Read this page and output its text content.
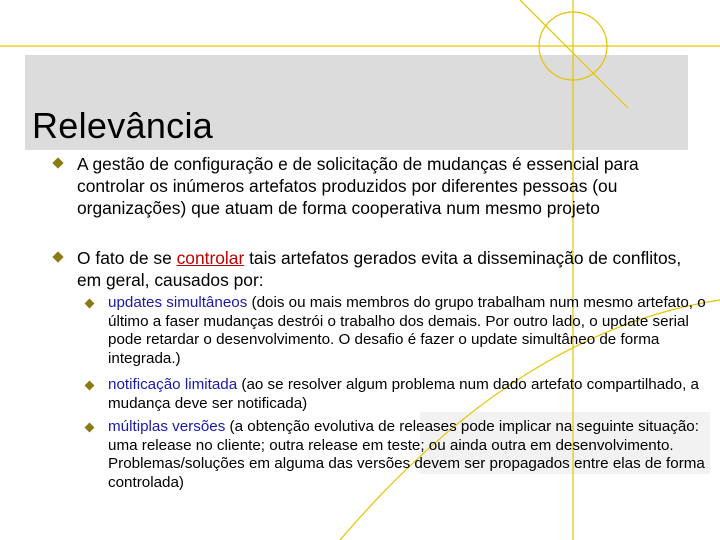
Relevância
A gestão de configuração e de solicitação de mudanças é essencial para controlar os inúmeros artefatos produzidos por diferentes pessoas (ou organizações) que atuam de forma cooperativa num mesmo projeto
O fato de se controlar tais artefatos gerados evita a disseminação de conflitos, em geral, causados por:
updates simultâneos (dois ou mais membros do grupo trabalham num mesmo artefato, o último a faser mudanças destrói o trabalho dos demais. Por outro lado, o update serial pode retardar o desenvolvimento. O desafio é fazer o update simultâneo de forma integrada.)
notificação limitada (ao se resolver algum problema num dado artefato compartilhado, a mudança deve ser notificada)
múltiplas versões (a obtenção evolutiva de releases pode implicar na seguinte situação: uma release no cliente; outra release em teste; ou ainda outra em desenvolvimento. Problemas/soluções em alguma das versões devem ser propagados entre elas de forma controlada)
